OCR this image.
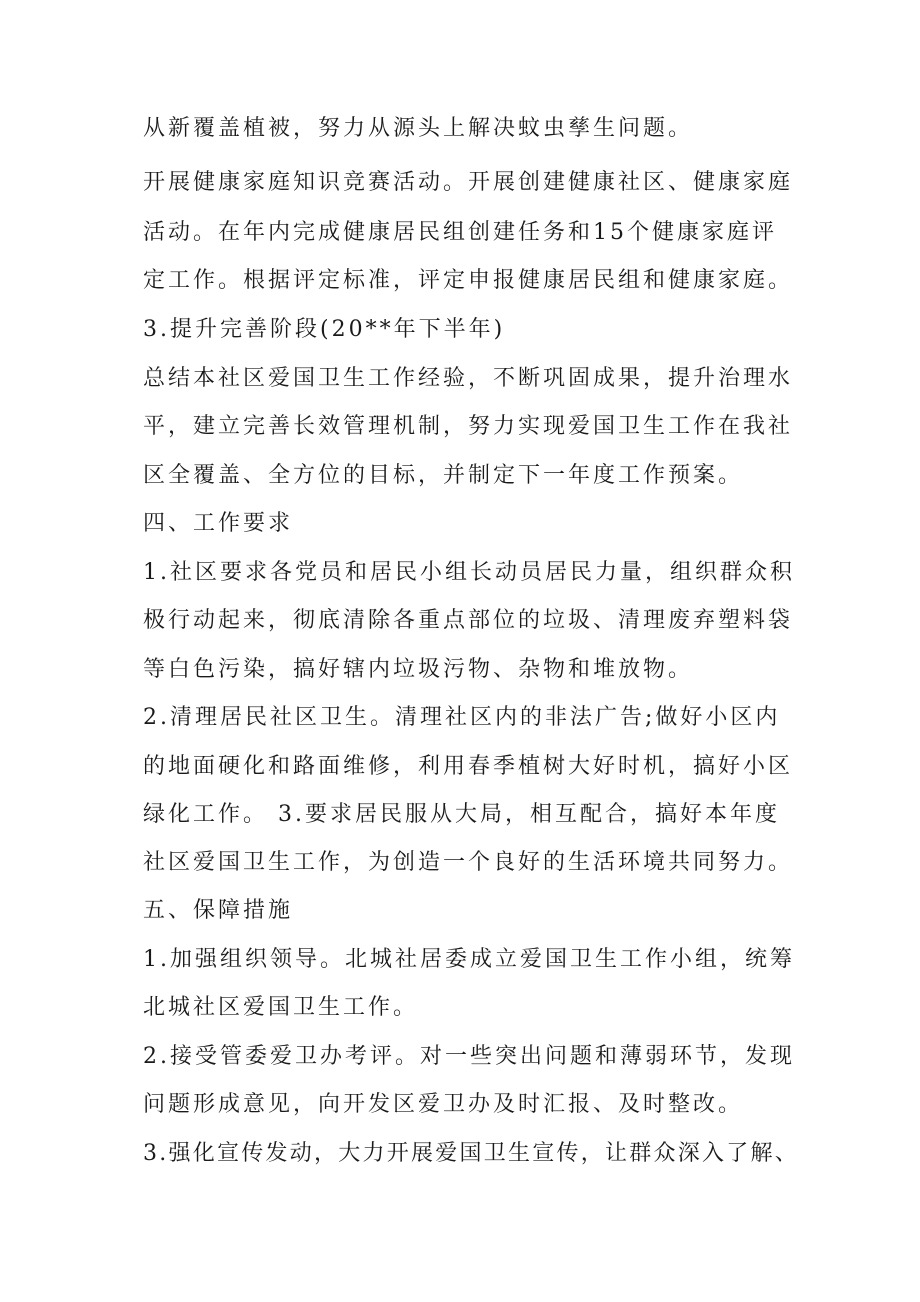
从新覆盖植被，努力从源头上解决蚊虫孳生问题。
开展健康家庭知识竞赛活动。开展创建健康社区、健康家庭
活动。在年内完成健康居民组创建任务和15个健康家庭评
定工作。根据评定标准，评定申报健康居民组和健康家庭。
3.提升完善阶段(20**年下半年)
总结本社区爱国卫生工作经验，不断巩固成果，提升治理水
平，建立完善长效管理机制，努力实现爱国卫生工作在我社
区全覆盖、全方位的目标，并制定下一年度工作预案。
四、工作要求
1.社区要求各党员和居民小组长动员居民力量，组织群众积
极行动起来，彻底清除各重点部位的垃圾、清理废弃塑料袋
等白色污染，搞好辖内垃圾污物、杂物和堆放物。
2.清理居民社区卫生。清理社区内的非法广告;做好小区内
的地面硬化和路面维修，利用春季植树大好时机，搞好小区
绿化工作。 3.要求居民服从大局，相互配合，搞好本年度
社区爱国卫生工作，为创造一个良好的生活环境共同努力。
五、保障措施
1.加强组织领导。北城社居委成立爱国卫生工作小组，统筹
北城社区爱国卫生工作。
2.接受管委爱卫办考评。对一些突出问题和薄弱环节，发现
问题形成意见，向开发区爱卫办及时汇报、及时整改。
3.强化宣传发动，大力开展爱国卫生宣传，让群众深入了解、
